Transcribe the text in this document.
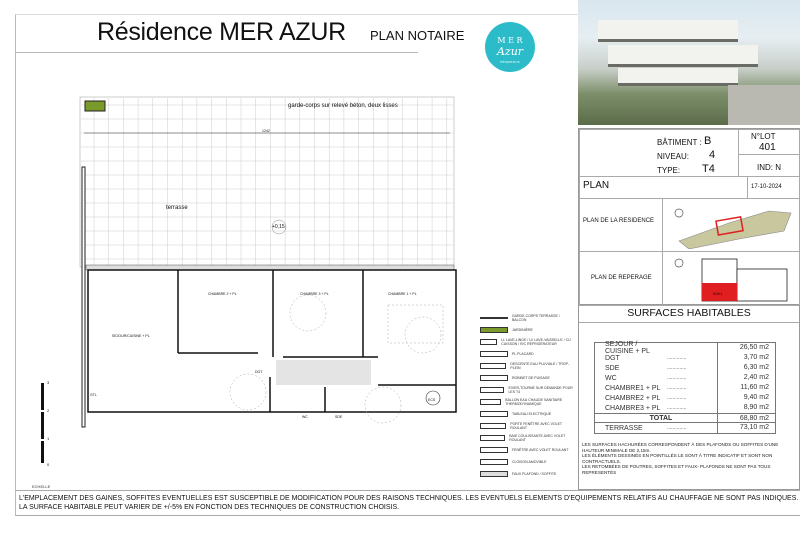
Résidence MER AZUR PLAN NOTAIRE	M E R
Azur
RÉSIDENCE
BÂTIMENT : B
NIVEAU: 4
TYPE: T4
N°LOT
401
IND: N
PLAN	17-10-2024
PLAN DE LA RESIDENCE
PLAN DE REPERAGE
B401
garde-corps sur relevé béton, deux lisses
terrasse
+0,15
1242
SEJOUR/CUISINE + PL
CHAMBRE 2 + PL	CHAMBRE 3 + PL	CHAMBRE 1 + PL
DGT
WC	SDE
GTL
ECS
3
2
1
0
ECHELLE
GARDE-CORPS TERRASSE / BALCON
JARDINIÈRE
LL LAVE-LINGE / LV LAVE-VAISSELLE / CU CUISSON / R/C RÉFRIGÉRATEUR
PL PLACARD
DESCENTE EAU PLUVIALE / TROP-PLEIN
ROBINET DE PUISAGE
EVIER-TOURNE SUR DEMANDE POUR LES T4
BALLON EAU CHAUDE SANITAIRE THERMODYNAMIQUE
TABLEAU ELECTRIQUE
PORTE FENÊTRE AVEC VOLET ROULANT
BAIE COULISSANTE AVEC VOLET ROULANT
FENÊTRE AVEC VOLET ROULANT
CLOISON AMOVIBLE
FAUX PLAFOND / SOFFITE
SURFACES HABITABLES
SEJOUR / CUISINE + PL
26,50 m2
DGT	..............	3,70 m2
SDE	..............	6,30 m2
WC	..............	2,40 m2
CHAMBRE1 + PL	..............	11,60 m2
CHAMBRE2 + PL	..............	9,40 m2
CHAMBRE3 + PL	..............	8,90 m2
TOTAL	68,80 m2
TERRASSE	..............	73,10 m2
LES SURFACES HACHURÉES CORRESPONDENT À DES PLAFONDS OU SOFFITES D'UNE HAUTEUR MINIMALE DE 2,15m.
LES ÉLÉMENTS DESSINÉS EN POINTILLÉS LE SONT À TITRE INDICATIF ET SONT NON CONTRACTUELS.
LES RETOMBÉES DE POUTRES, SOFFITES ET FAUX- PLAFONDS NE SONT PAS TOUS REPRESENTÉS
L'EMPLACEMENT DES GAINES, SOFFITES EVENTUELLES EST SUSCEPTIBLE DE MODIFICATION POUR DES RAISONS TECHNIQUES. LES EVENTUELS ELEMENTS D'EQUIPEMENTS RELATIFS AU CHAUFFAGE NE SONT PAS INDIQUES.
LA SURFACE HABITABLE PEUT VARIER DE +/-5% EN FONCTION DES TECHNIQUES DE CONSTRUCTION CHOISIS.
